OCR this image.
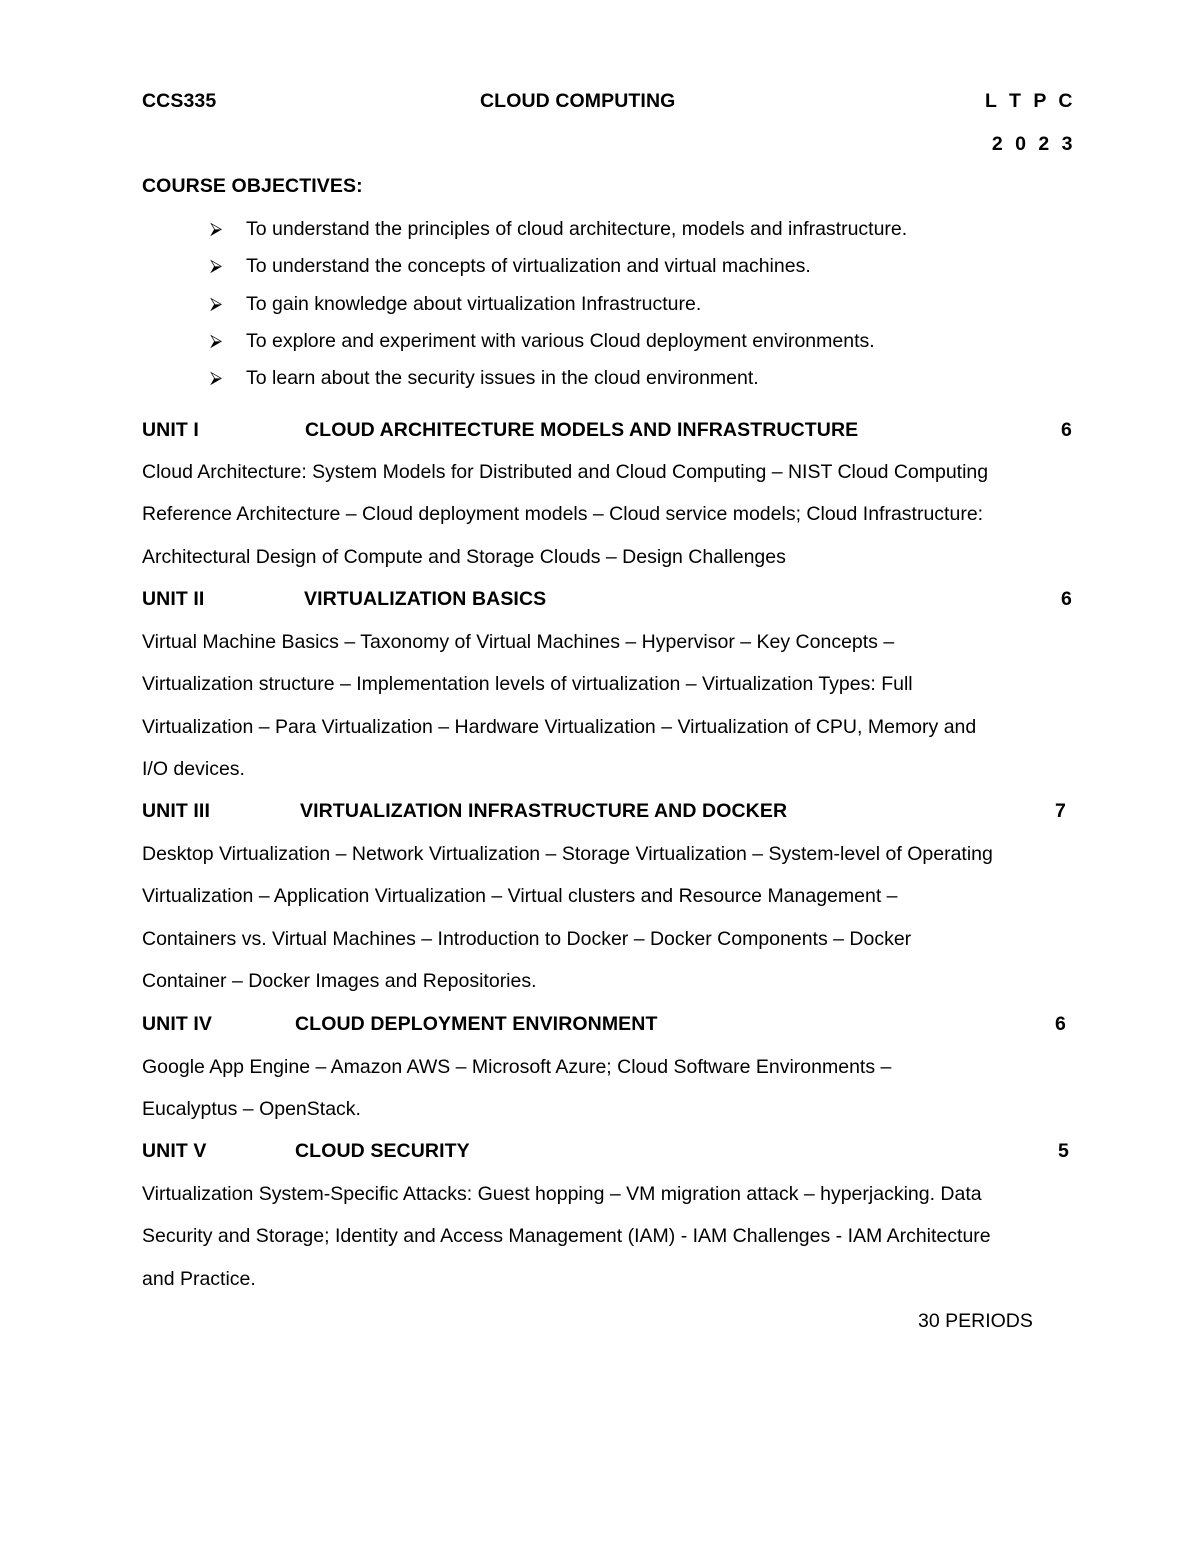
CCS335	CLOUD COMPUTING	L T P C
2 0 2 3
COURSE OBJECTIVES:
⮚	To understand the principles of cloud architecture, models and infrastructure.
⮚	To understand the concepts of virtualization and virtual machines.
⮚	To gain knowledge about virtualization Infrastructure.
⮚	To explore and experiment with various Cloud deployment environments.
⮚	To learn about the security issues in the cloud environment.
UNIT I	CLOUD ARCHITECTURE MODELS AND INFRASTRUCTURE	6
Cloud Architecture: System Models for Distributed and Cloud Computing – NIST Cloud Computing
Reference Architecture – Cloud deployment models – Cloud service models; Cloud Infrastructure:
Architectural Design of Compute and Storage Clouds – Design Challenges
UNIT II	VIRTUALIZATION BASICS	6
Virtual Machine Basics – Taxonomy of Virtual Machines – Hypervisor – Key Concepts –
Virtualization structure – Implementation levels of virtualization – Virtualization Types: Full
Virtualization – Para Virtualization – Hardware Virtualization – Virtualization of CPU, Memory and
I/O devices.
UNIT III	VIRTUALIZATION INFRASTRUCTURE AND DOCKER	7
Desktop Virtualization – Network Virtualization – Storage Virtualization – System-level of Operating
Virtualization – Application Virtualization – Virtual clusters and Resource Management –
Containers vs. Virtual Machines – Introduction to Docker – Docker Components – Docker
Container – Docker Images and Repositories.
UNIT IV	CLOUD DEPLOYMENT ENVIRONMENT	6
Google App Engine – Amazon AWS – Microsoft Azure; Cloud Software Environments –
Eucalyptus – OpenStack.
UNIT V	CLOUD SECURITY	5
Virtualization System-Specific Attacks: Guest hopping – VM migration attack – hyperjacking. Data
Security and Storage; Identity and Access Management (IAM) - IAM Challenges - IAM Architecture
and Practice.
30 PERIODS
